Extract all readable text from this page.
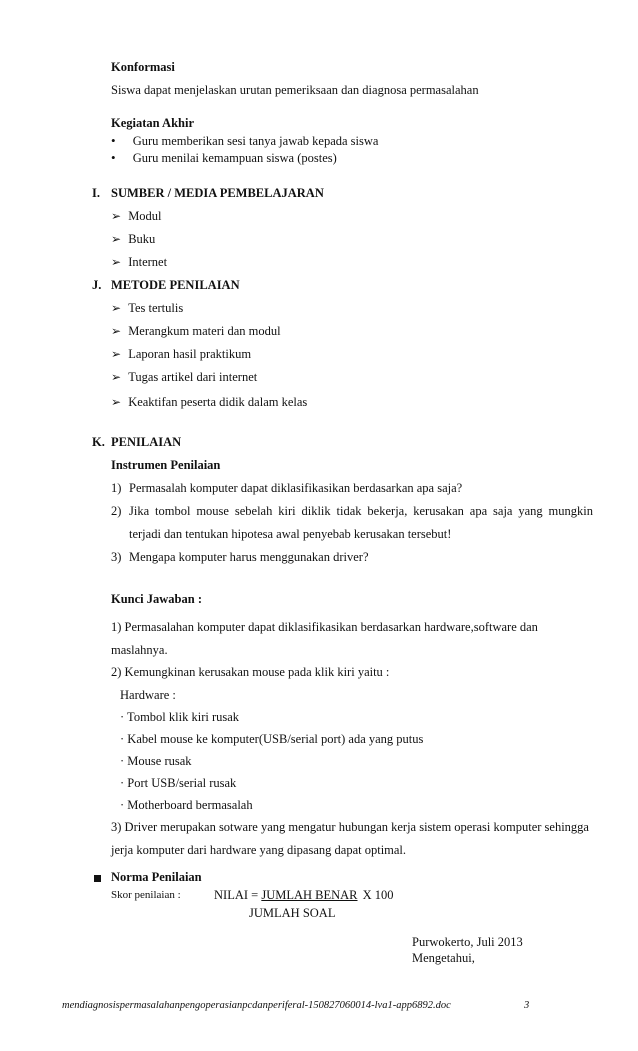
Konformasi
Siswa dapat menjelaskan urutan pemeriksaan dan diagnosa permasalahan
Kegiatan Akhir
• Guru memberikan sesi tanya jawab kepada siswa
• Guru menilai kemampuan siswa (postes)
I. SUMBER / MEDIA PEMBELAJARAN
➢ Modul
➢ Buku
➢ Internet
J. METODE PENILAIAN
➢ Tes tertulis
➢ Merangkum materi dan modul
➢ Laporan hasil praktikum
➢ Tugas artikel dari internet
➢ Keaktifan peserta didik dalam kelas
K. PENILAIAN
Instrumen Penilaian
1) Permasalah komputer dapat diklasifikasikan berdasarkan apa saja?
2) Jika tombol mouse sebelah kiri diklik tidak bekerja, kerusakan apa saja yang mungkin
terjadi dan tentukan hipotesa awal penyebab kerusakan tersebut!
3) Mengapa komputer harus menggunakan driver?
Kunci Jawaban :
1) Permasalahan komputer dapat diklasifikasikan berdasarkan hardware,software dan
maslahnya.
2) Kemungkinan kerusakan mouse pada klik kiri yaitu :
Hardware :
· Tombol klik kiri rusak
· Kabel mouse ke komputer(USB/serial port) ada yang putus
· Mouse rusak
· Port USB/serial rusak
· Motherboard bermasalah
3) Driver merupakan sotware yang mengatur hubungan kerja sistem operasi komputer sehingga
jerja komputer dari hardware yang dipasang dapat optimal.
Norma Penilaian
Skor penilaian :	NILAI = JUMLAH BENAR X 100
JUMLAH SOAL
Purwokerto, Juli 2013
Mengetahui,
mendiagnosispermasalahanpengoperasianpcdanperiferal-150827060014-lva1-app6892.doc	3
